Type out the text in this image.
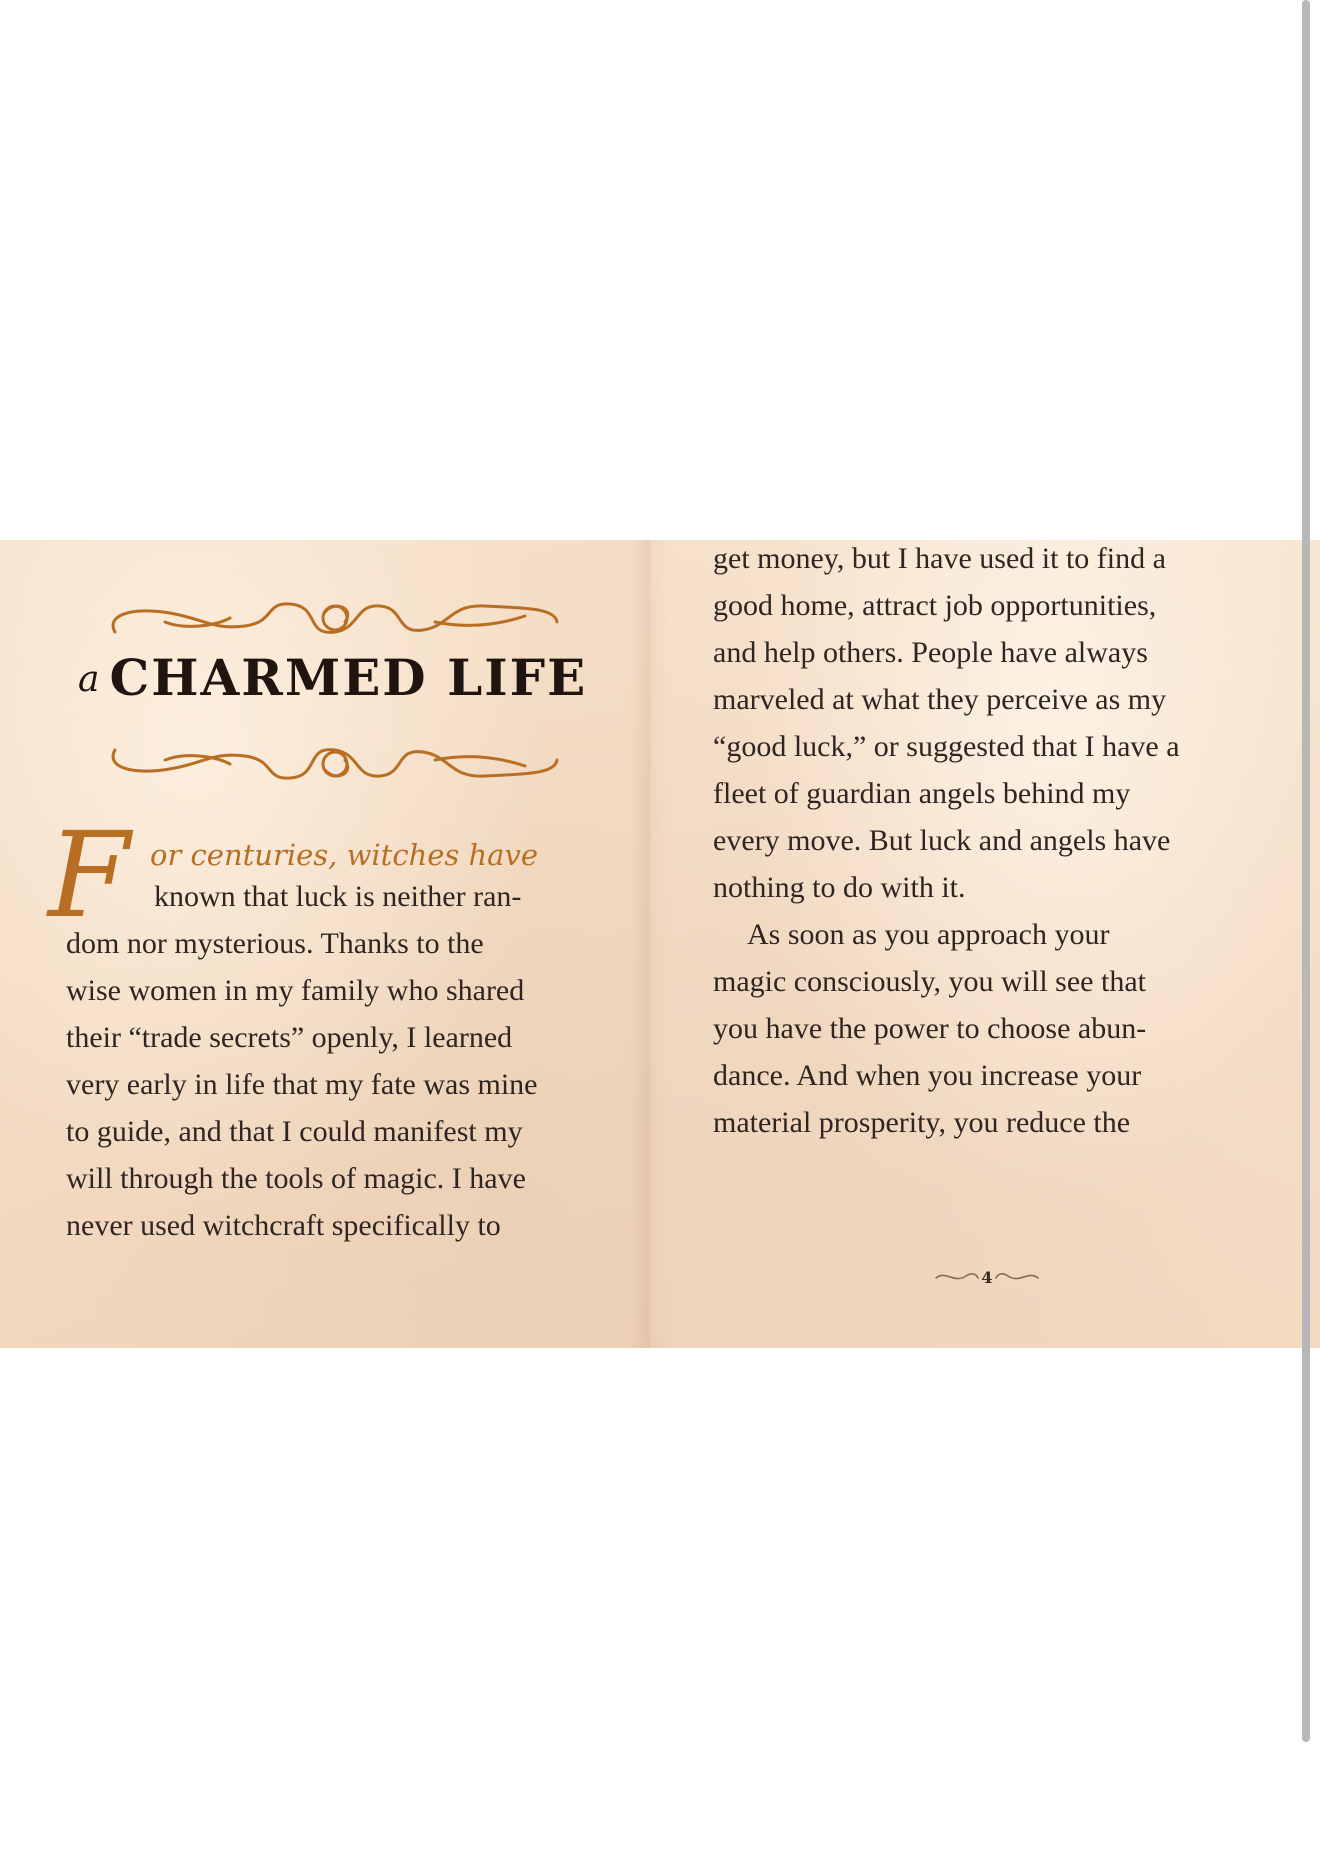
a CHARMED LIFE
F or centuries, witches have
known that luck is neither ran-
dom nor mysterious. Thanks to the
wise women in my family who shared
their “trade secrets” openly, I learned
very early in life that my fate was mine
to guide, and that I could manifest my
will through the tools of magic. I have
never used witchcraft specifically to
get money, but I have used it to find a
good home, attract job opportunities,
and help others. People have always
marveled at what they perceive as my
“good luck,” or suggested that I have a
fleet of guardian angels behind my
every move. But luck and angels have
nothing to do with it.
As soon as you approach your
magic consciously, you will see that
you have the power to choose abun-
dance. And when you increase your
material prosperity, you reduce the
4
